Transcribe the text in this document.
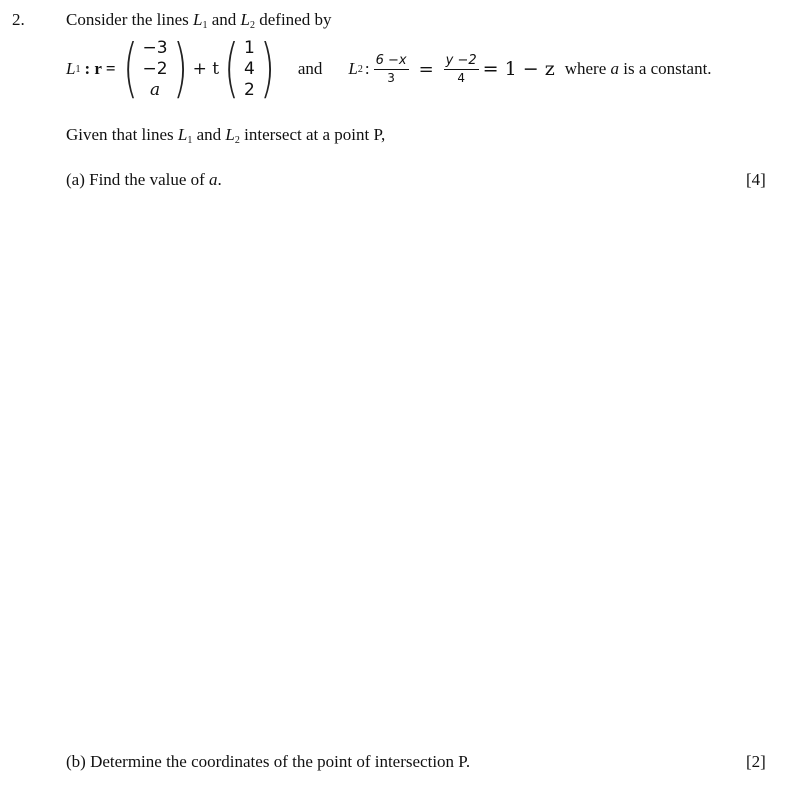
2. Consider the lines $L_1$ and $L_2$ defined by
L 1 : r = ( −3
−2
a ) + t ( 1
4
2 ) and L 2 : $\frac{6 -x}{3} = \frac{y -2}{4} = 1 - z$ where a is a constant.
Given that lines $L_1$ and $L_2$ intersect at a point P,
(a) Find the value of a.	[4]
(b) Determine the coordinates of the point of intersection P.	[2]
